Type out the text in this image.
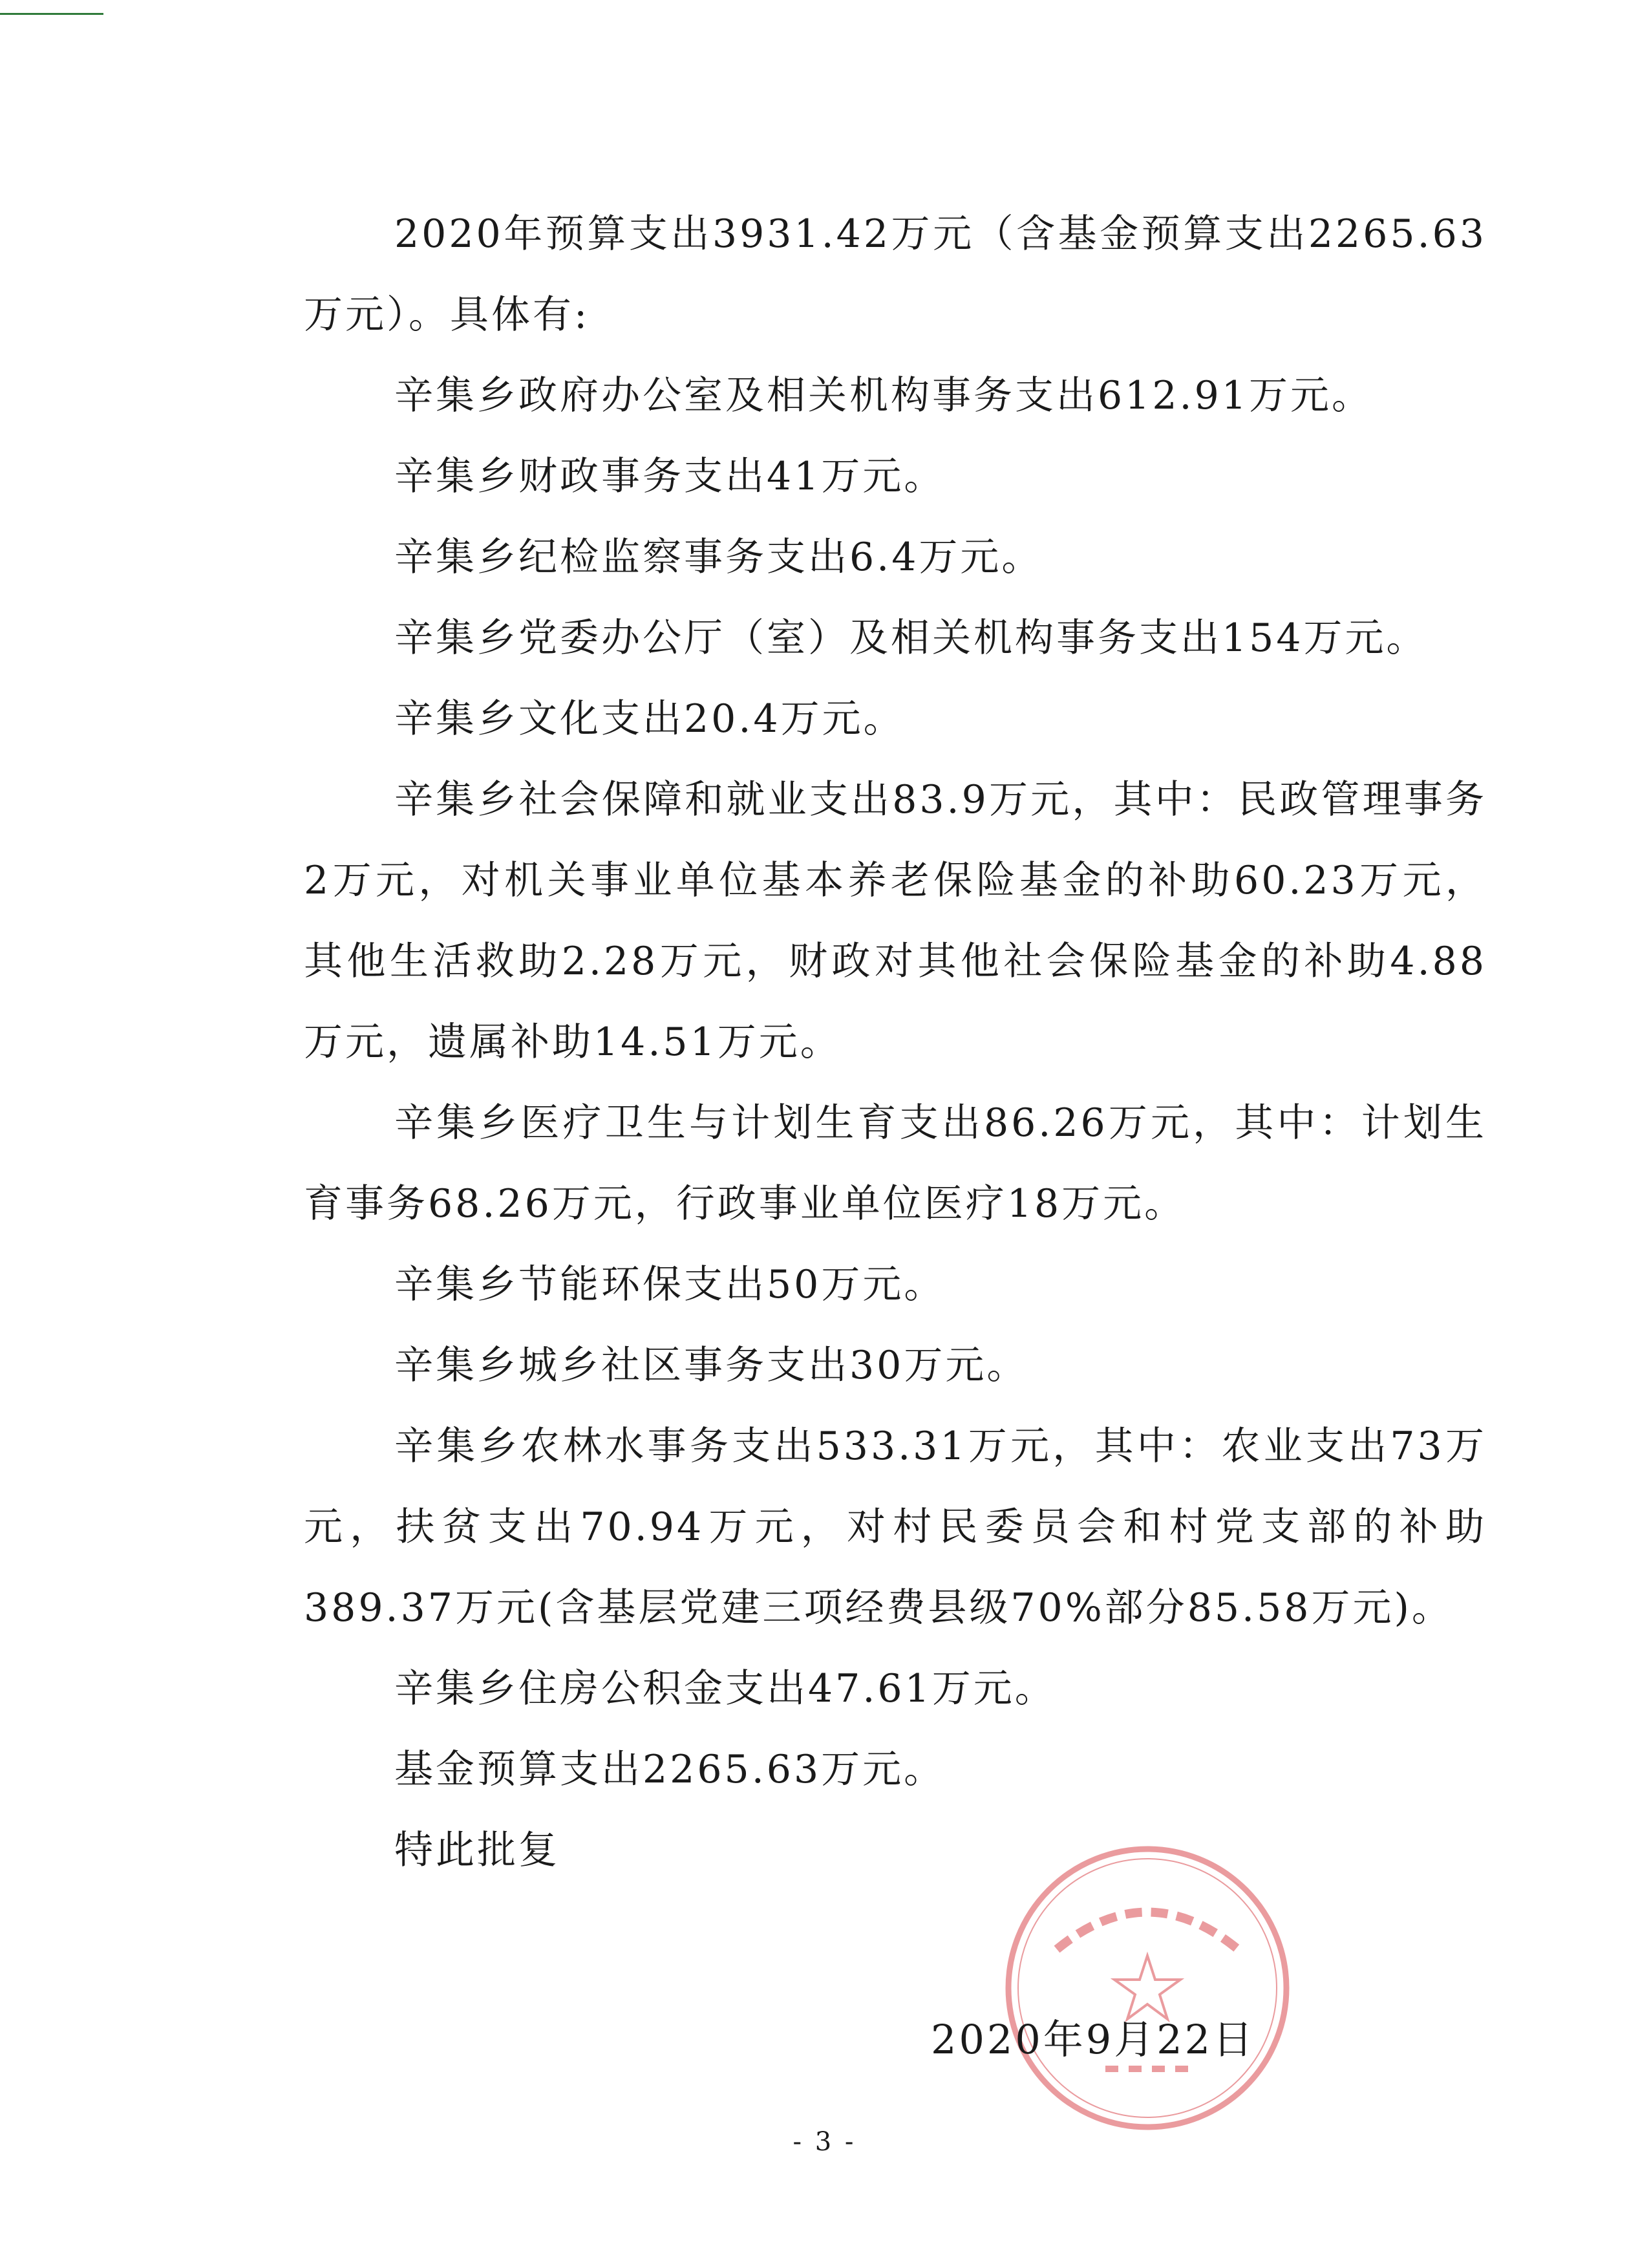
2020年预算支出3931.42万元（含基金预算支出2265.63万元）。具体有:

辛集乡政府办公室及相关机构事务支出612.91万元。

辛集乡财政事务支出41万元。

辛集乡纪检监察事务支出6.4万元。

辛集乡党委办公厅（室）及相关机构事务支出154万元。

辛集乡文化支出20.4万元。

辛集乡社会保障和就业支出83.9万元，其中：民政管理事务2万元，对机关事业单位基本养老保险基金的补助60.23万元，其他生活救助2.28万元，财政对其他社会保险基金的补助4.88万元，遗属补助14.51万元。

辛集乡医疗卫生与计划生育支出86.26万元，其中：计划生育事务68.26万元，行政事业单位医疗18万元。

辛集乡节能环保支出50万元。

辛集乡城乡社区事务支出30万元。

辛集乡农林水事务支出533.31万元，其中：农业支出73万元，扶贫支出70.94万元，对村民委员会和村党支部的补助389.37万元(含基层党建三项经费县级70%部分85.58万元)。

辛集乡住房公积金支出47.61万元。

基金预算支出2265.63万元。

特此批复

2020年9月22日
- 3 -
